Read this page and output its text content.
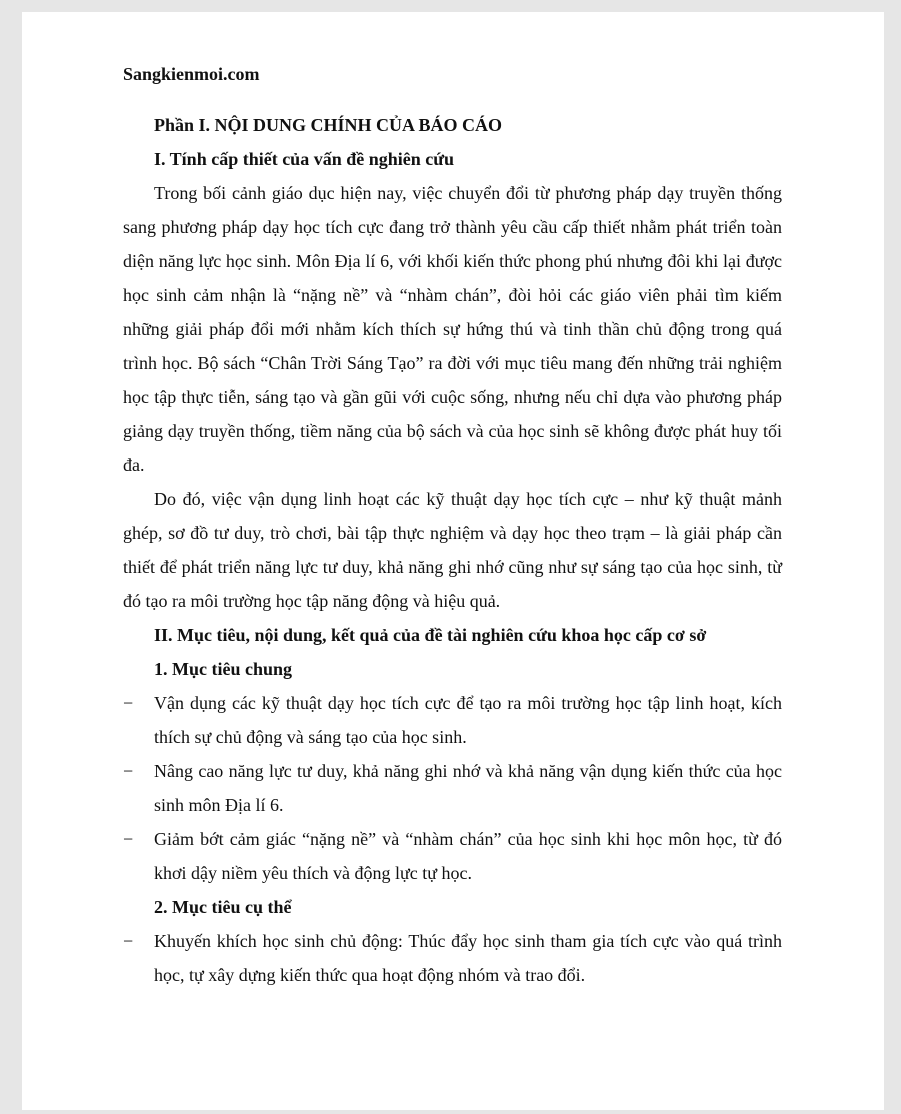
Sangkienmoi.com

Phần I. NỘI DUNG CHÍNH CỦA BÁO CÁO

I. Tính cấp thiết của vấn đề nghiên cứu

Trong bối cảnh giáo dục hiện nay, việc chuyển đổi từ phương pháp dạy truyền thống sang phương pháp dạy học tích cực đang trở thành yêu cầu cấp thiết nhằm phát triển toàn diện năng lực học sinh. Môn Địa lí 6, với khối kiến thức phong phú nhưng đôi khi lại được học sinh cảm nhận là “nặng nề” và “nhàm chán”, đòi hỏi các giáo viên phải tìm kiếm những giải pháp đổi mới nhằm kích thích sự hứng thú và tinh thần chủ động trong quá trình học. Bộ sách “Chân Trời Sáng Tạo” ra đời với mục tiêu mang đến những trải nghiệm học tập thực tiễn, sáng tạo và gần gũi với cuộc sống, nhưng nếu chỉ dựa vào phương pháp giảng dạy truyền thống, tiềm năng của bộ sách và của học sinh sẽ không được phát huy tối đa.

Do đó, việc vận dụng linh hoạt các kỹ thuật dạy học tích cực – như kỹ thuật mảnh ghép, sơ đồ tư duy, trò chơi, bài tập thực nghiệm và dạy học theo trạm – là giải pháp cần thiết để phát triển năng lực tư duy, khả năng ghi nhớ cũng như sự sáng tạo của học sinh, từ đó tạo ra môi trường học tập năng động và hiệu quả.

II. Mục tiêu, nội dung, kết quả của đề tài nghiên cứu khoa học cấp cơ sở

1. Mục tiêu chung

− Vận dụng các kỹ thuật dạy học tích cực để tạo ra môi trường học tập linh hoạt, kích thích sự chủ động và sáng tạo của học sinh.

− Nâng cao năng lực tư duy, khả năng ghi nhớ và khả năng vận dụng kiến thức của học sinh môn Địa lí 6.

− Giảm bớt cảm giác “nặng nề” và “nhàm chán” của học sinh khi học môn học, từ đó khơi dậy niềm yêu thích và động lực tự học.

2. Mục tiêu cụ thể

− Khuyến khích học sinh chủ động: Thúc đẩy học sinh tham gia tích cực vào quá trình học, tự xây dựng kiến thức qua hoạt động nhóm và trao đổi.
